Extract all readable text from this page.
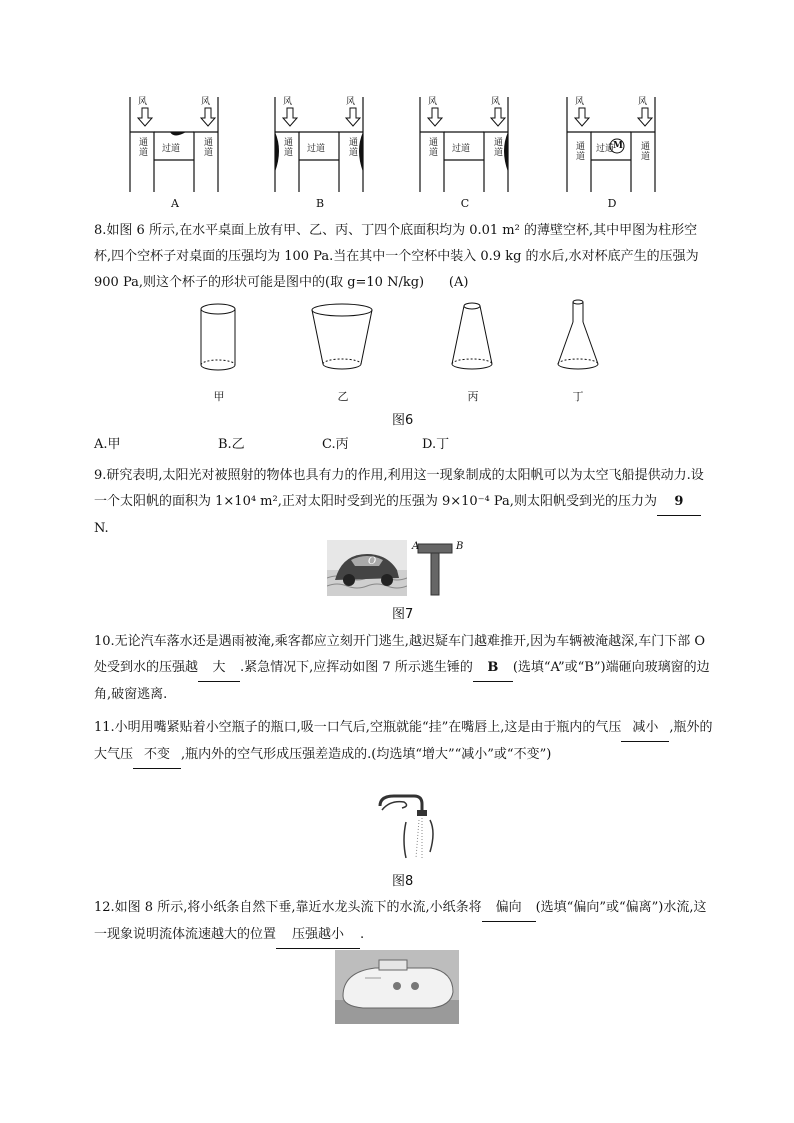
风	风	风	风	风	风	风	风
通道
通道
通道
通道
通道
通道
通道
通道
过道	过道	过道	过道
M
A	B	C	D

8.如图 6 所示,在水平桌面上放有甲、乙、丙、丁四个底面积均为 0.01 m² 的薄壁空杯,其中甲图为柱形空杯,四个空杯子对桌面的压强均为 100 Pa.当在其中一个空杯中装入 0.9 kg 的水后,水对杯底产生的压强为 900 Pa,则这个杯子的形状可能是图中的(取 g=10 N/kg) (A)

甲	乙	丙	丁
图6
A.甲	B.乙	C.丙	D.丁

9.研究表明,太阳光对被照射的物体也具有力的作用,利用这一现象制成的太阳帆可以为太空飞船提供动力.设一个太阳帆的面积为 1×10⁴ m²,正对太阳时受到光的压强为 9×10⁻⁴ Pa,则太阳帆受到光的压力为 9N.

O
A	B
图7

10.无论汽车落水还是遇雨被淹,乘客都应立刻开门逃生,越迟疑车门越难推开,因为车辆被淹越深,车门下部 O处受到水的压强越 大 .紧急情况下,应挥动如图 7 所示逃生锤的 B (选填“A”或“B”)端砸向玻璃窗的边角,破窗逃离.

11.小明用嘴紧贴着小空瓶子的瓶口,吸一口气后,空瓶就能“挂”在嘴唇上,这是由于瓶内的气压 减小 ,瓶外的大气压 不变 ,瓶内外的空气形成压强差造成的.(均选填“增大”“减小”或“不变”)

图8

12.如图 8 所示,将小纸条自然下垂,靠近水龙头流下的水流,小纸条将 偏向 (选填“偏向”或“偏离”)水流,这一现象说明流体流速越大的位置 压强越小 .
